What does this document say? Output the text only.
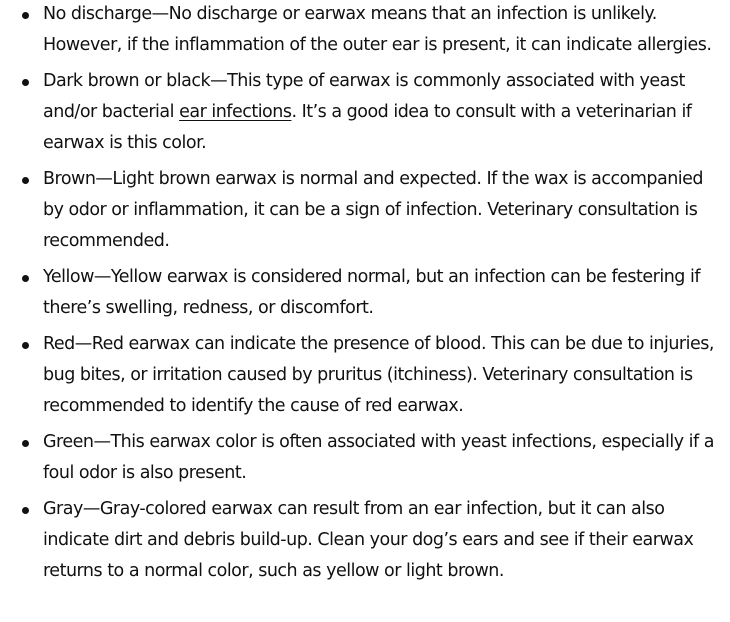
No discharge—No discharge or earwax means that an infection is unlikely. However, if the inflammation of the outer ear is present, it can indicate allergies.
Dark brown or black—This type of earwax is commonly associated with yeast and/or bacterial ear infections. It’s a good idea to consult with a veterinarian if earwax is this color.
Brown—Light brown earwax is normal and expected. If the wax is accompanied by odor or inflammation, it can be a sign of infection. Veterinary consultation is recommended.
Yellow—Yellow earwax is considered normal, but an infection can be festering if there’s swelling, redness, or discomfort.
Red—Red earwax can indicate the presence of blood. This can be due to injuries, bug bites, or irritation caused by pruritus (itchiness). Veterinary consultation is recommended to identify the cause of red earwax.
Green—This earwax color is often associated with yeast infections, especially if a foul odor is also present.
Gray—Gray-colored earwax can result from an ear infection, but it can also indicate dirt and debris build-up. Clean your dog’s ears and see if their earwax returns to a normal color, such as yellow or light brown.
